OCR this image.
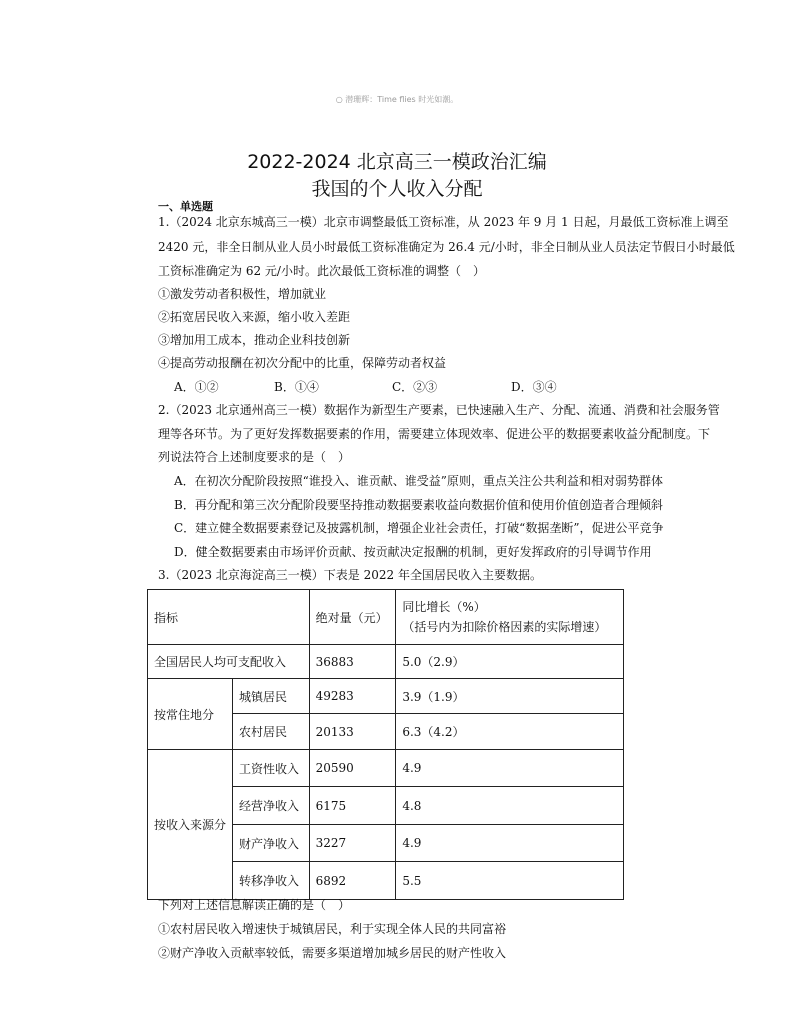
○ 潜珊辉：Time flies 时光如潮。
2022-2024 北京高三一模政治汇编
我国的个人收入分配
一、单选题
1.（2024 北京东城高三一模）北京市调整最低工资标准，从 2023 年 9 月 1 日起，月最低工资标准上调至
2420 元，非全日制从业人员小时最低工资标准确定为 26.4 元/小时，非全日制从业人员法定节假日小时最低
工资标准确定为 62 元/小时。此次最低工资标准的调整（　）
①激发劳动者积极性，增加就业
②拓宽居民收入来源，缩小收入差距
③增加用工成本，推动企业科技创新
④提高劳动报酬在初次分配中的比重，保障劳动者权益
A．①②	B．①④	C．②③	D．③④
2.（2023 北京通州高三一模）数据作为新型生产要素，已快速融入生产、分配、流通、消费和社会服务管
理等各环节。为了更好发挥数据要素的作用，需要建立体现效率、促进公平的数据要素收益分配制度。下
列说法符合上述制度要求的是（　）
A．在初次分配阶段按照“谁投入、谁贡献、谁受益”原则，重点关注公共利益和相对弱势群体
B．再分配和第三次分配阶段要坚持推动数据要素收益向数据价值和使用价值创造者合理倾斜
C．建立健全数据要素登记及披露机制，增强企业社会责任，打破“数据垄断”，促进公平竞争
D．健全数据要素由市场评价贡献、按贡献决定报酬的机制，更好发挥政府的引导调节作用
3.（2023 北京海淀高三一模）下表是 2022 年全国居民收入主要数据。
指标		绝对量（元）	同比增长（%）
（括号内为扣除价格因素的实际增速）

全国居民人均可支配收入		36883	5.0（2.9）
按常住地分	城镇居民	49283	3.9（1.9）
	农村居民	20133	6.3（4.2）
按收入来源分	工资性收入	20590	4.9
	经营净收入	6175	4.8
	财产净收入	3227	4.9
	转移净收入	6892	5.5
下列对上述信息解读正确的是（　）
①农村居民收入增速快于城镇居民，利于实现全体人民的共同富裕
②财产净收入贡献率较低，需要多渠道增加城乡居民的财产性收入
